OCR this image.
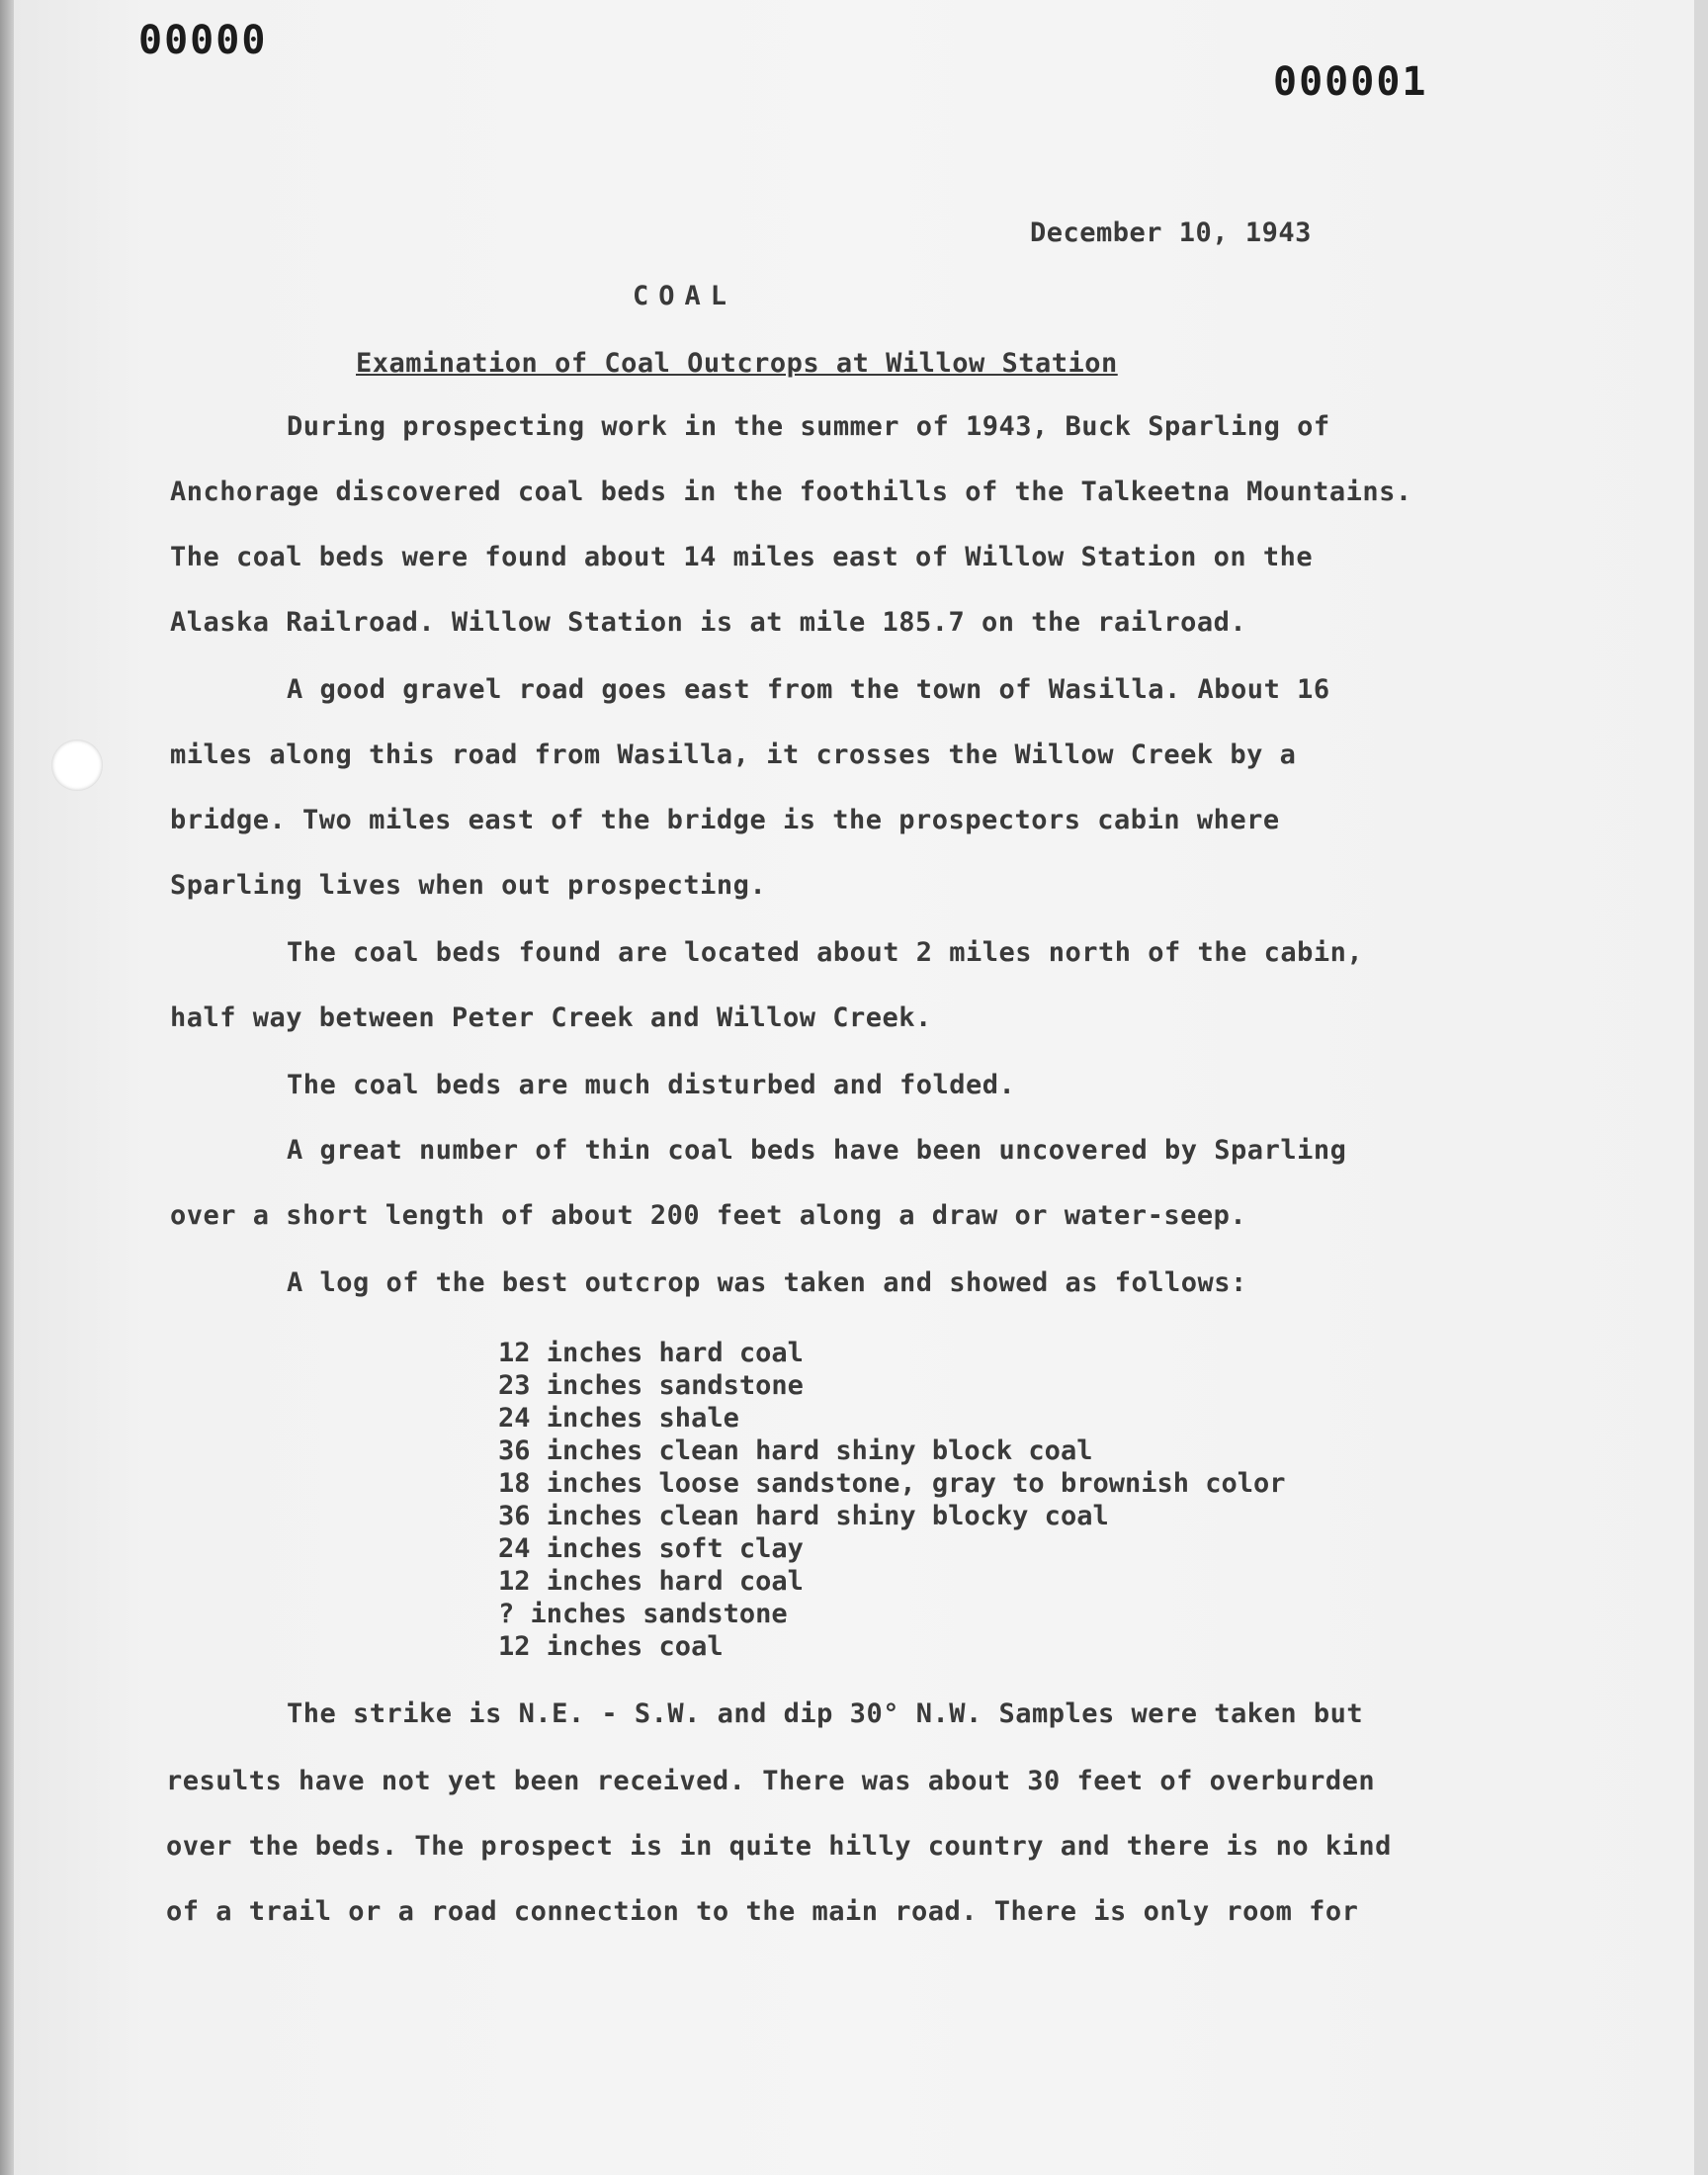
00000
000001
December 10, 1943
COAL
Examination of Coal Outcrops at Willow Station
During prospecting work in the summer of 1943, Buck Sparling of
Anchorage discovered coal beds in the foothills of the Talkeetna Mountains.
The coal beds were found about 14 miles east of Willow Station on the
Alaska Railroad. Willow Station is at mile 185.7 on the railroad.
A good gravel road goes east from the town of Wasilla. About 16
miles along this road from Wasilla, it crosses the Willow Creek by a
bridge. Two miles east of the bridge is the prospectors cabin where
Sparling lives when out prospecting.
The coal beds found are located about 2 miles north of the cabin,
half way between Peter Creek and Willow Creek.
The coal beds are much disturbed and folded.
A great number of thin coal beds have been uncovered by Sparling
over a short length of about 200 feet along a draw or water-seep.
A log of the best outcrop was taken and showed as follows:
12 inches hard coal
23 inches sandstone
24 inches shale
36 inches clean hard shiny block coal
18 inches loose sandstone, gray to brownish color
36 inches clean hard shiny blocky coal
24 inches soft clay
12 inches hard coal
? inches sandstone
12 inches coal
The strike is N.E. - S.W. and dip 30° N.W. Samples were taken but
results have not yet been received. There was about 30 feet of overburden
over the beds. The prospect is in quite hilly country and there is no kind
of a trail or a road connection to the main road. There is only room for
